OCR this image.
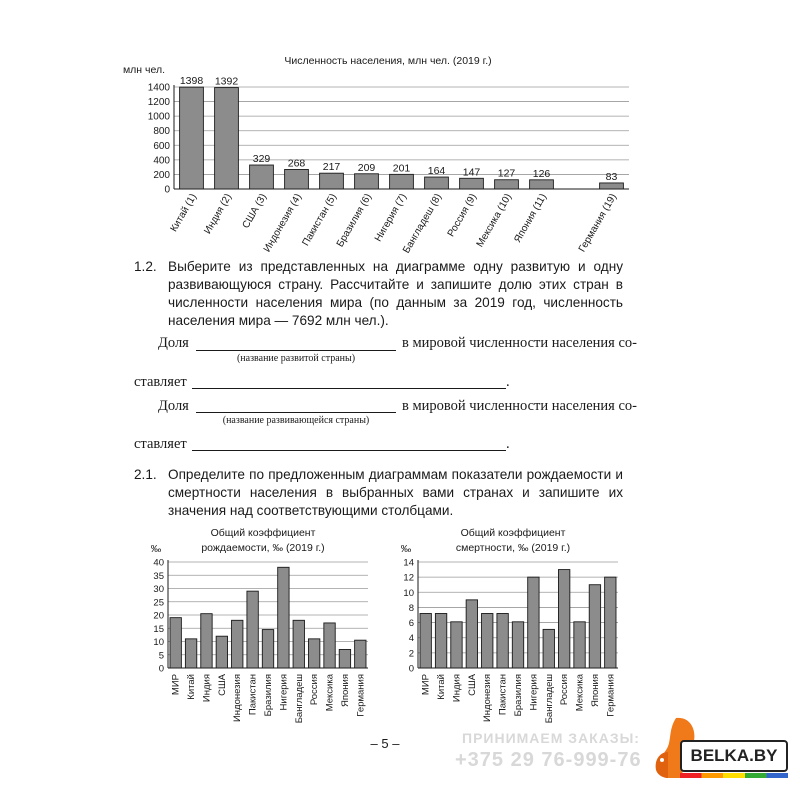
Численность населения, млн чел. (2019 г.)
млн чел.
0
200
400
600
800
1000
1200
1400
1398
Китай (1)
1392
Индия (2)
329
США (3)
268
Индонезия (4)
217
Пакистан (5)
209
Бразилия (6)
201
Нигерия (7)
164
Бангладеш (8)
147
Россия (9)
127
Мексика (10)
126
Япония (11)
83
Германия (19)
1.2. Выберите из представленных на диаграмме одну развитую и одну развивающуюся страну. Рассчитайте и запишите долю этих стран в численности населения мира (по данным за 2019 год, численность населения мира — 7692 млн чел.).
Доля
(название развитой страны)
в мировой численности населения со-
ставляет	.
Доля
(название развивающейся страны)
в мировой численности населения со-
ставляет	.
2.1. Определите по предложенным диаграммам показатели рождаемости и смертности населения в выбранных вами странах и запишите их значения над соответствующими столбцами.
Общий коэффициент
рождаемости, ‰ (2019 г.)
‰
0
5
10
15
20
25
30
35
40
МИР Китай Индия США Индонезия Пакистан Бразилия Нигерия Бангладеш Россия Мексика Япония Германия
Общий коэффициент
смертности, ‰ (2019 г.)
‰
0
2
4
6
8
10
12
14
МИР Китай Индия США Индонезия Пакистан Бразилия Нигерия Бангладеш Россия Мексика Япония Германия
– 5 –	ПРИНИМАЕМ ЗАКАЗЫ:
+375 29 76-999-76	BELKA.BY
